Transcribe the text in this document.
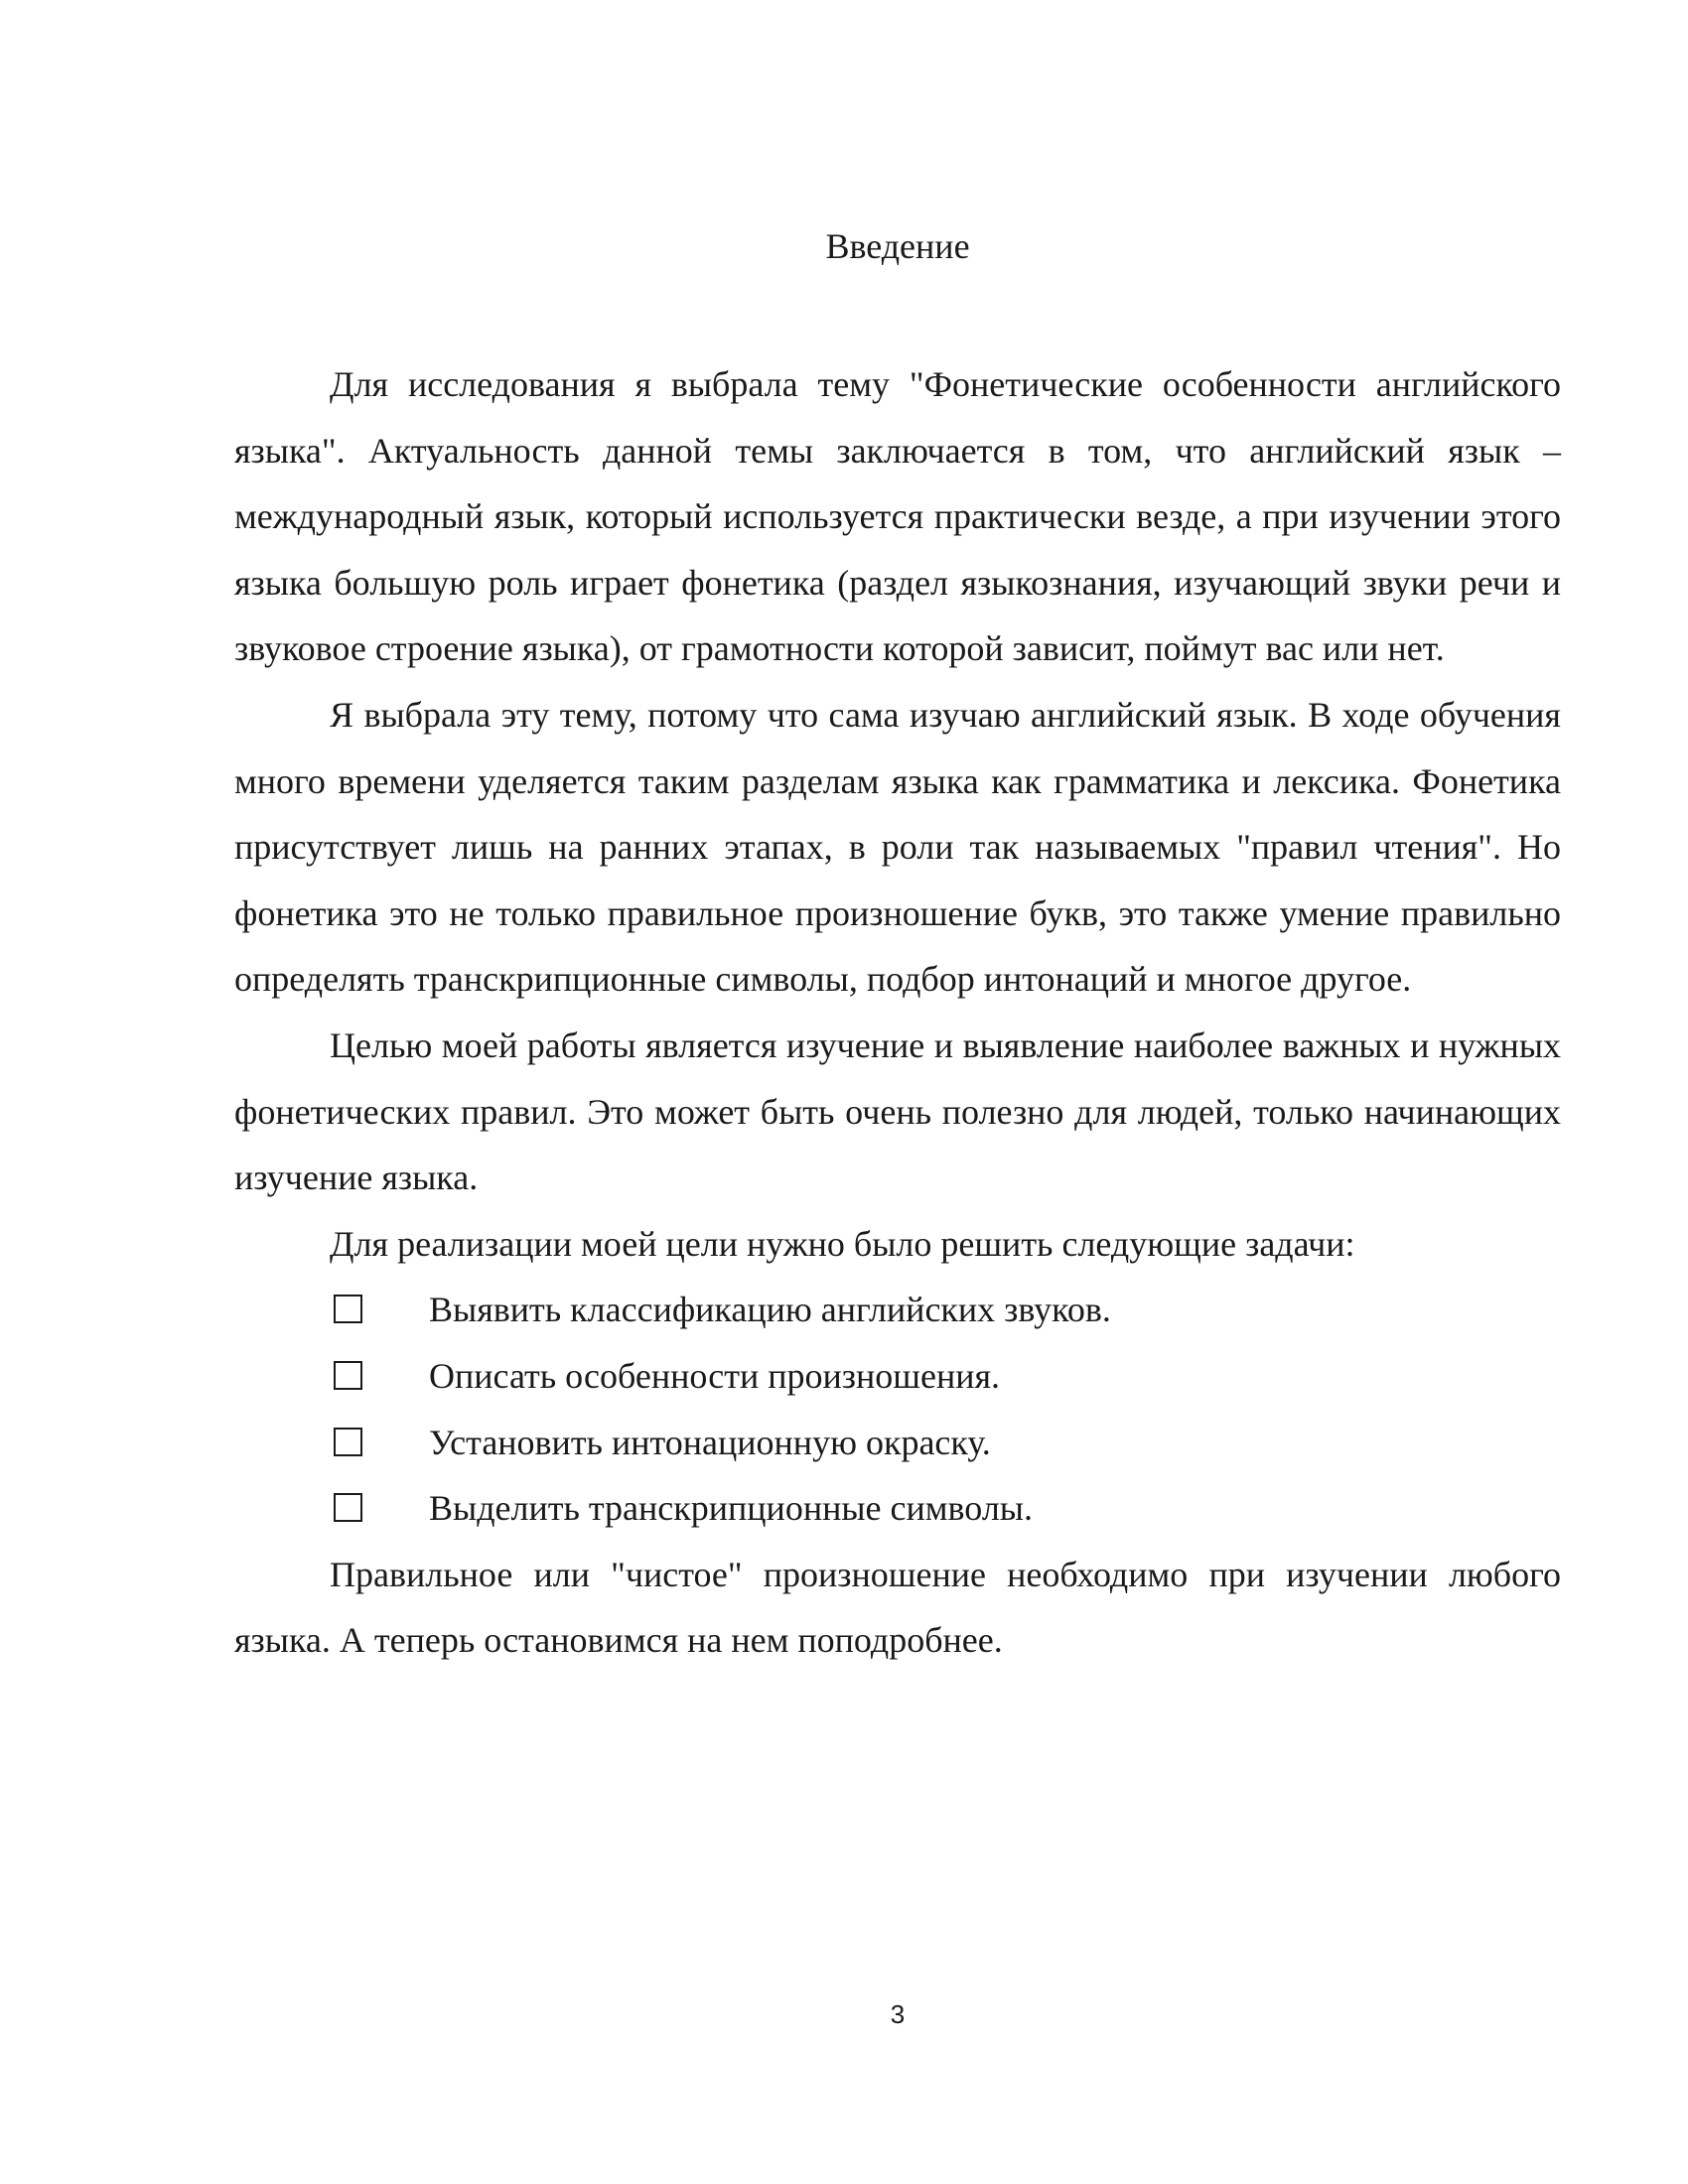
Введение

Для исследования я выбрала тему "Фонетические особенности английского языка". Актуальность данной темы заключается в том, что английский язык – международный язык, который используется практически везде, а при изучении этого языка большую роль играет фонетика (раздел языкознания, изучающий звуки речи и звуковое строение языка), от грамотности которой зависит, поймут вас или нет.

Я выбрала эту тему, потому что сама изучаю английский язык. В ходе обучения много времени уделяется таким разделам языка как грамматика и лексика. Фонетика присутствует лишь на ранних этапах, в роли так называемых "правил чтения". Но фонетика это не только правильное произношение букв, это также умение правильно определять транскрипционные символы, подбор интонаций и многое другое.

Целью моей работы является изучение и выявление наиболее важных и нужных фонетических правил. Это может быть очень полезно для людей, только начинающих изучение языка.

Для реализации моей цели нужно было решить следующие задачи:

Выявить классификацию английских звуков.
Описать особенности произношения.
Установить интонационную окраску.
Выделить транскрипционные символы.

Правильное или "чистое" произношение необходимо при изучении любого языка. А теперь остановимся на нем поподробнее.

3
